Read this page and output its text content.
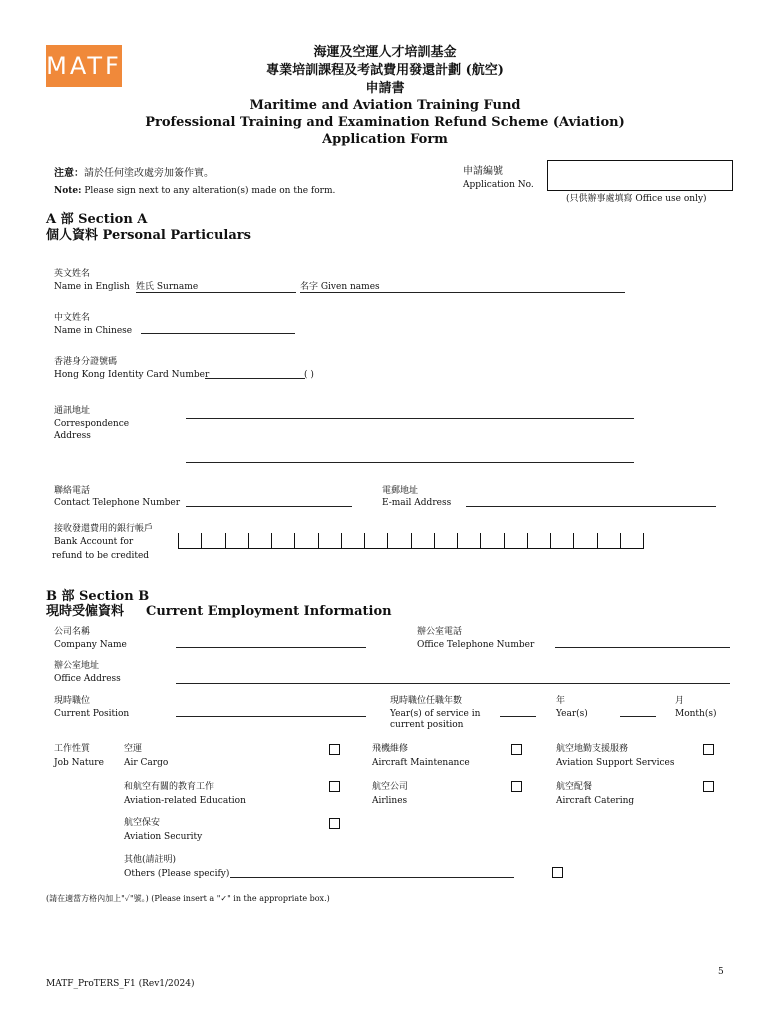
MATF	海運及空運人才培訓基金
專業培訓課程及考試費用發還計劃 (航空)
申請書
Maritime and Aviation Training Fund
Professional Training and Examination Refund Scheme (Aviation)
Application Form
注意：請於任何塗改處旁加簽作實。
Note: Please sign next to any alteration(s) made on the form.
申請編號
Application No.
(只供辦事處填寫 Office use only)
A 部 Section A
個人資料 Personal Particulars
英文姓名
Name in English 姓氏 Surname	名字 Given names
中文姓名
Name in Chinese
香港身分證號碼
Hong Kong Identity Card Number	( )
通訊地址
Correspondence
Address
聯絡電話
Contact Telephone Number
電郵地址
E-mail Address
接收發還費用的銀行帳戶
Bank Account for
refund to be credited
B 部 Section B
現時受僱資料 Current Employment Information
公司名稱
Company Name
辦公室電話
Office Telephone Number
辦公室地址
Office Address
現時職位
Current Position
現時職位任職年數
Year(s) of service in
current position
年
Year(s)
月
Month(s)
工作性質
Job Nature
空運
Air Cargo
飛機維修
Aircraft Maintenance
航空地勤支援服務
Aviation Support Services
和航空有關的教育工作
Aviation-related Education
航空公司
Airlines
航空配餐
Aircraft Catering
航空保安
Aviation Security
其他(請註明)
Others (Please specify)
(請在適當方格內加上"✓"號。) (Please insert a "✓" in the appropriate box.)
5
MATF_ProTERS_F1 (Rev1/2024)
